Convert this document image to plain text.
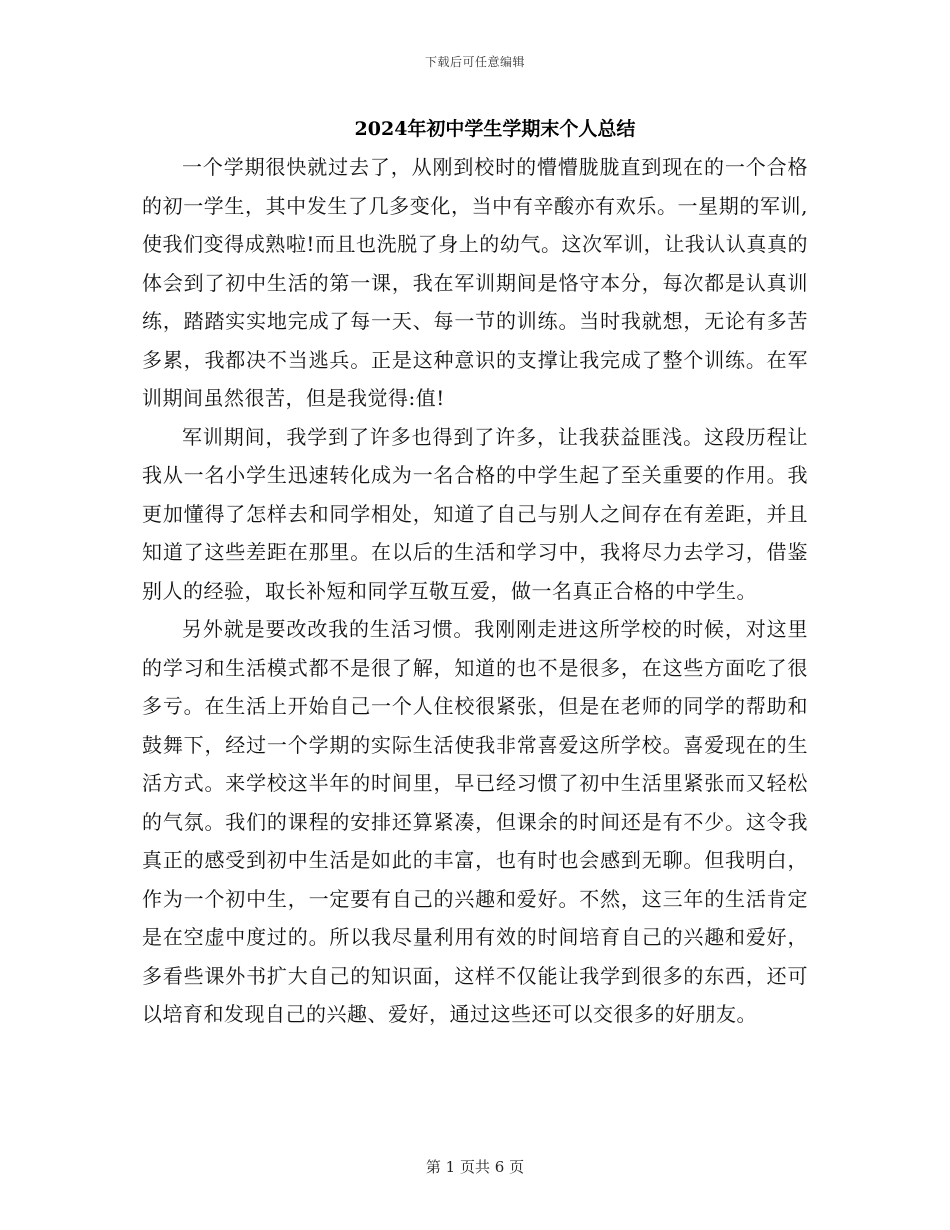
下载后可任意编辑
2024年初中学生学期末个人总结

一个学期很快就过去了，从刚到校时的懵懵胧胧直到现在的一个合格的初一学生，其中发生了几多变化，当中有辛酸亦有欢乐。一星期的军训,使我们变得成熟啦!而且也洗脱了身上的幼气。这次军训，让我认认真真的体会到了初中生活的第一课，我在军训期间是恪守本分，每次都是认真训练，踏踏实实地完成了每一天、每一节的训练。当时我就想，无论有多苦多累，我都决不当逃兵。正是这种意识的支撑让我完成了整个训练。在军训期间虽然很苦，但是我觉得:值!

军训期间，我学到了许多也得到了许多，让我获益匪浅。这段历程让我从一名小学生迅速转化成为一名合格的中学生起了至关重要的作用。我更加懂得了怎样去和同学相处，知道了自己与别人之间存在有差距，并且知道了这些差距在那里。在以后的生活和学习中，我将尽力去学习，借鉴别人的经验，取长补短和同学互敬互爱，做一名真正合格的中学生。

另外就是要改改我的生活习惯。我刚刚走进这所学校的时候，对这里的学习和生活模式都不是很了解，知道的也不是很多，在这些方面吃了很多亏。在生活上开始自己一个人住校很紧张，但是在老师的同学的帮助和鼓舞下，经过一个学期的实际生活使我非常喜爱这所学校。喜爱现在的生活方式。来学校这半年的时间里，早已经习惯了初中生活里紧张而又轻松的气氛。我们的课程的安排还算紧凑，但课余的时间还是有不少。这令我真正的感受到初中生活是如此的丰富，也有时也会感到无聊。但我明白，作为一个初中生，一定要有自己的兴趣和爱好。不然，这三年的生活肯定是在空虚中度过的。所以我尽量利用有效的时间培育自己的兴趣和爱好，多看些课外书扩大自己的知识面，这样不仅能让我学到很多的东西，还可以培育和发现自己的兴趣、爱好，通过这些还可以交很多的好朋友。

第 1 页共 6 页
